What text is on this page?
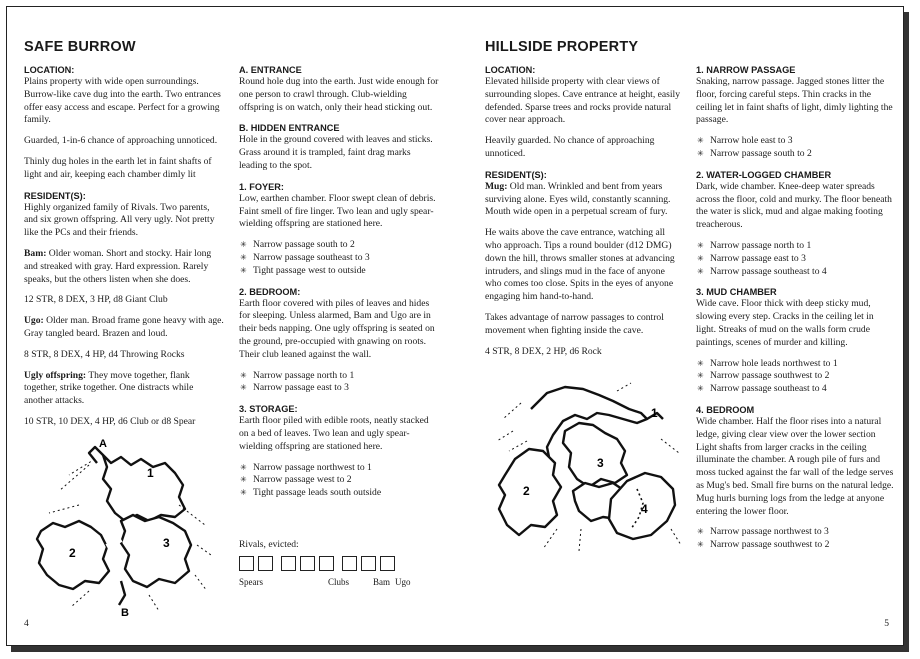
SAFE BURROW
LOCATION:

Plains property with wide open surroundings. Burrow-like cave dug into the earth. Two entrances offer easy access and escape. Perfect for a growing family.

Guarded, 1-in-6 chance of approaching unnoticed.

Thinly dug holes in the earth let in faint shafts of light and air, keeping each chamber dimly lit

RESIDENT(S):

Highly organized family of Rivals. Two parents, and six grown offspring. All very ugly. Not pretty like the PCs and their friends.

Bam: Older woman. Short and stocky. Hair long and streaked with gray. Hard expression. Rarely speaks, but the others listen when she does.

12 STR, 8 DEX, 3 HP, d8 Giant Club

Ugo: Older man. Broad frame gone heavy with age. Gray tangled beard. Brazen and loud.

8 STR, 8 DEX, 4 HP, d4 Throwing Rocks

Ugly offspring: They move together, flank together, strike together. One distracts while another attacks.

10 STR, 10 DEX, 4 HP, d6 Club or d8 Spear

A
1
2
3
B
A. ENTRANCE

Round hole dug into the earth. Just wide enough for one person to crawl through. Club-wielding offspring is on watch, only their head sticking out.

B. HIDDEN ENTRANCE

Hole in the ground covered with leaves and sticks. Grass around it is trampled, faint drag marks leading to the spot.

1. FOYER:

Low, earthen chamber. Floor swept clean of debris. Faint smell of fire linger. Two lean and ugly spear-wielding offspring are stationed here.

✳ Narrow passage south to 2
✳ Narrow passage southeast to 3
✳ Tight passage west to outside
2. BEDROOM:

Earth floor covered with piles of leaves and hides for sleeping. Unless alarmed, Bam and Ugo are in their beds napping. One ugly offspring is seated on the ground, pre-occupied with gnawing on roots. Their club leaned against the wall.

✳ Narrow passage north to 1
✳ Narrow passage east to 3
3. STORAGE:

Earth floor piled with edible roots, neatly stacked on a bed of leaves. Two lean and ugly spear-wielding offspring are stationed here.

✳ Narrow passage northwest to 1
✳ Narrow passage west to 2
✳ Tight passage leads south outside
Rivals, evicted:
Spears	Clubs	Bam Ugo
4
HILLSIDE PROPERTY
LOCATION:

Elevated hillside property with clear views of surrounding slopes. Cave entrance at height, easily defended. Sparse trees and rocks provide natural cover near approach.

Heavily guarded. No chance of approaching unnoticed.

RESIDENT(S):

Mug: Old man. Wrinkled and bent from years surviving alone. Eyes wild, constantly scanning. Mouth wide open in a perpetual scream of fury.

He waits above the cave entrance, watching all who approach. Tips a round boulder (d12 DMG) down the hill, throws smaller stones at advancing intruders, and slings mud in the face of anyone who comes too close. Spits in the eyes of anyone engaging him hand-to-hand.

Takes advantage of narrow passages to control movement when fighting inside the cave.

4 STR, 8 DEX, 2 HP, d6 Rock

1
2
3
4
1. NARROW PASSAGE

Snaking, narrow passage. Jagged stones litter the floor, forcing careful steps. Thin cracks in the ceiling let in faint shafts of light, dimly lighting the passage.

✳ Narrow hole east to 3
✳ Narrow passage south to 2
2. WATER-LOGGED CHAMBER

Dark, wide chamber. Knee-deep water spreads across the floor, cold and murky. The floor beneath the water is slick, mud and algae making footing treacherous.

✳ Narrow passage north to 1
✳ Narrow passage east to 3
✳ Narrow passage southeast to 4
3. MUD CHAMBER

Wide cave. Floor thick with deep sticky mud, slowing every step. Cracks in the ceiling let in light. Streaks of mud on the walls form crude paintings, scenes of murder and killing.

✳ Narrow hole leads northwest to 1
✳ Narrow passage southwest to 2
✳ Narrow passage southeast to 4
4. BEDROOM

Wide chamber. Half the floor rises into a natural ledge, giving clear view over the lower section Light shafts from larger cracks in the ceiling illuminate the chamber. A rough pile of furs and moss tucked against the far wall of the ledge serves as Mug's bed. Small fire burns on the natural ledge. Mug hurls burning logs from the ledge at anyone entering the lower floor.

✳ Narrow passage northwest to 3
✳ Narrow passage southwest to 2
5
